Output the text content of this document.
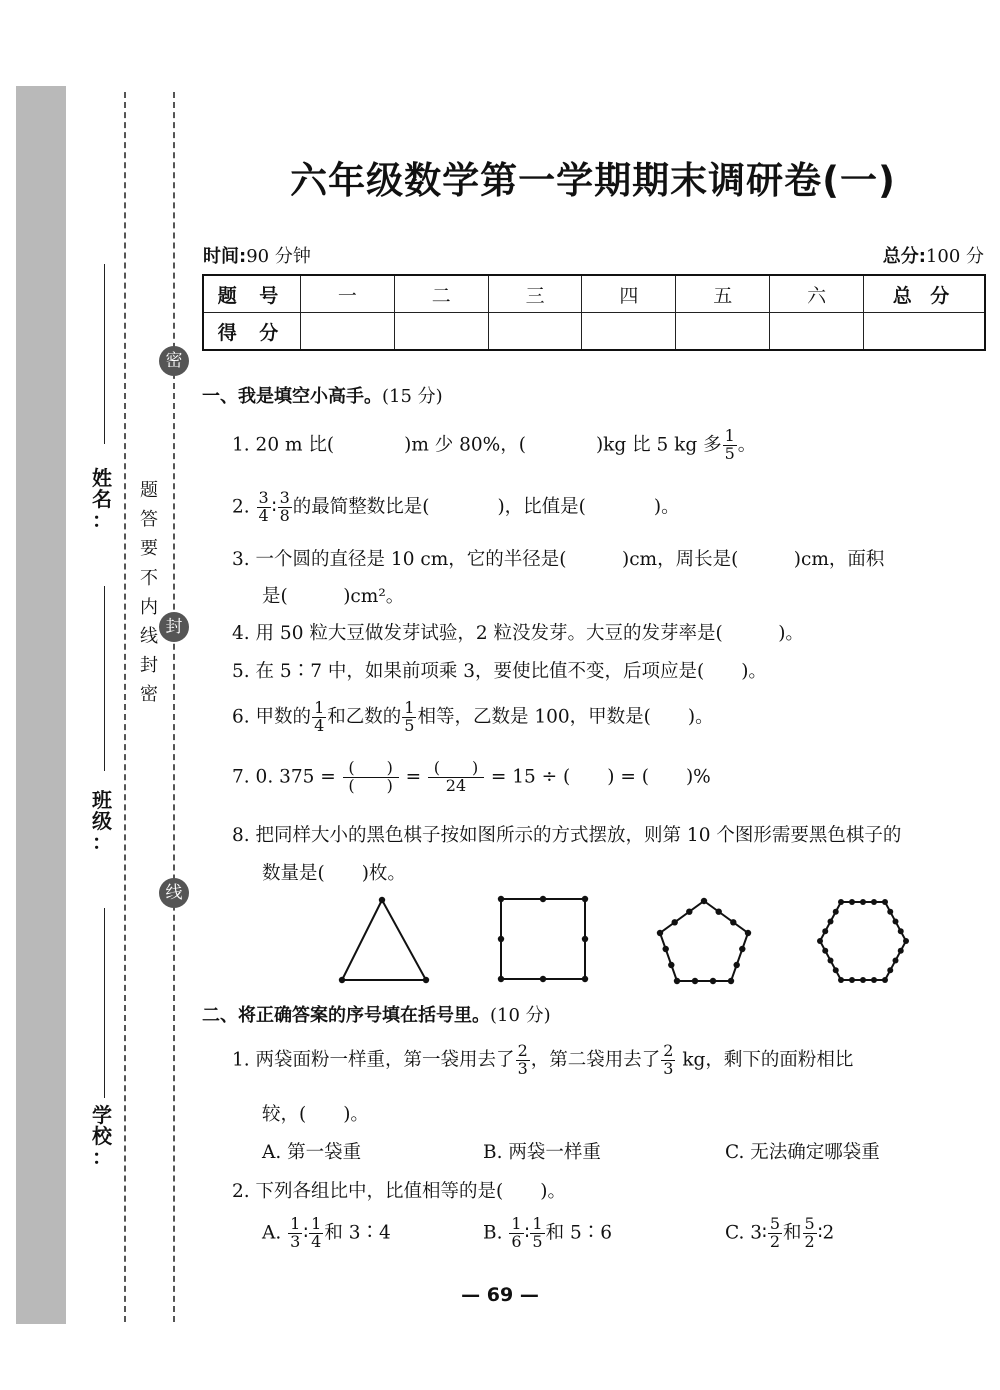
姓
名
：
班
级
：
学
校
：
题
答
要
不
内
线
封
密
密
封
线
六年级数学第一学期期末调研卷(一)
时间:90 分钟	总分:100 分
题 号	一	二	三	四	五	六	总 分
得 分							
一、我是填空小高手。(15 分)
1. 20 m 比(	)m 少 80%，(	)kg 比 5 kg 多 $\frac{1}{5}$ 。
2. $\frac{3}{4}$ ∶ $\frac{3}{8}$ 的最简整数比是(	)，比值是(	)。
3. 一个圆的直径是 10 cm，它的半径是(　　　)cm，周长是(　　　)cm，面积
是(　　　)cm²。
4. 用 50 粒大豆做发芽试验，2 粒没发芽。大豆的发芽率是(　　　)。
5. 在 5∶7 中，如果前项乘 3，要使比值不变，后项应是(　　)。
6. 甲数的 $\frac{1}{4}$ 和乙数的 $\frac{1}{5}$ 相等，乙数是 100，甲数是(　　)。
7. 0. $375 = \frac{( )}{( )} = \frac{( )}{24} = 15$ ÷ (　　) = (　　)%
8. 把同样大小的黑色棋子按如图所示的方式摆放，则第 10 个图形需要黑色棋子的
数量是(　　)枚。
二、将正确答案的序号填在括号里。(10 分)
1. 两袋面粉一样重，第一袋用去了 $\frac{2}{3}$ ，第二袋用去了 $\frac{2}{3}$ kg，剩下的面粉相比
较，(　　)。
A. 第一袋重	B. 两袋一样重	C. 无法确定哪袋重
2. 下列各组比中，比值相等的是(　　)。
A. $\frac{1}{3}$ ∶ $\frac{1}{4}$ 和 3∶4	B. $\frac{1}{6}$ ∶ $\frac{1}{5}$ 和 5∶6	C. 3∶ $\frac{5}{2}$ 和 $\frac{5}{2}$ ∶2
— 69 —
